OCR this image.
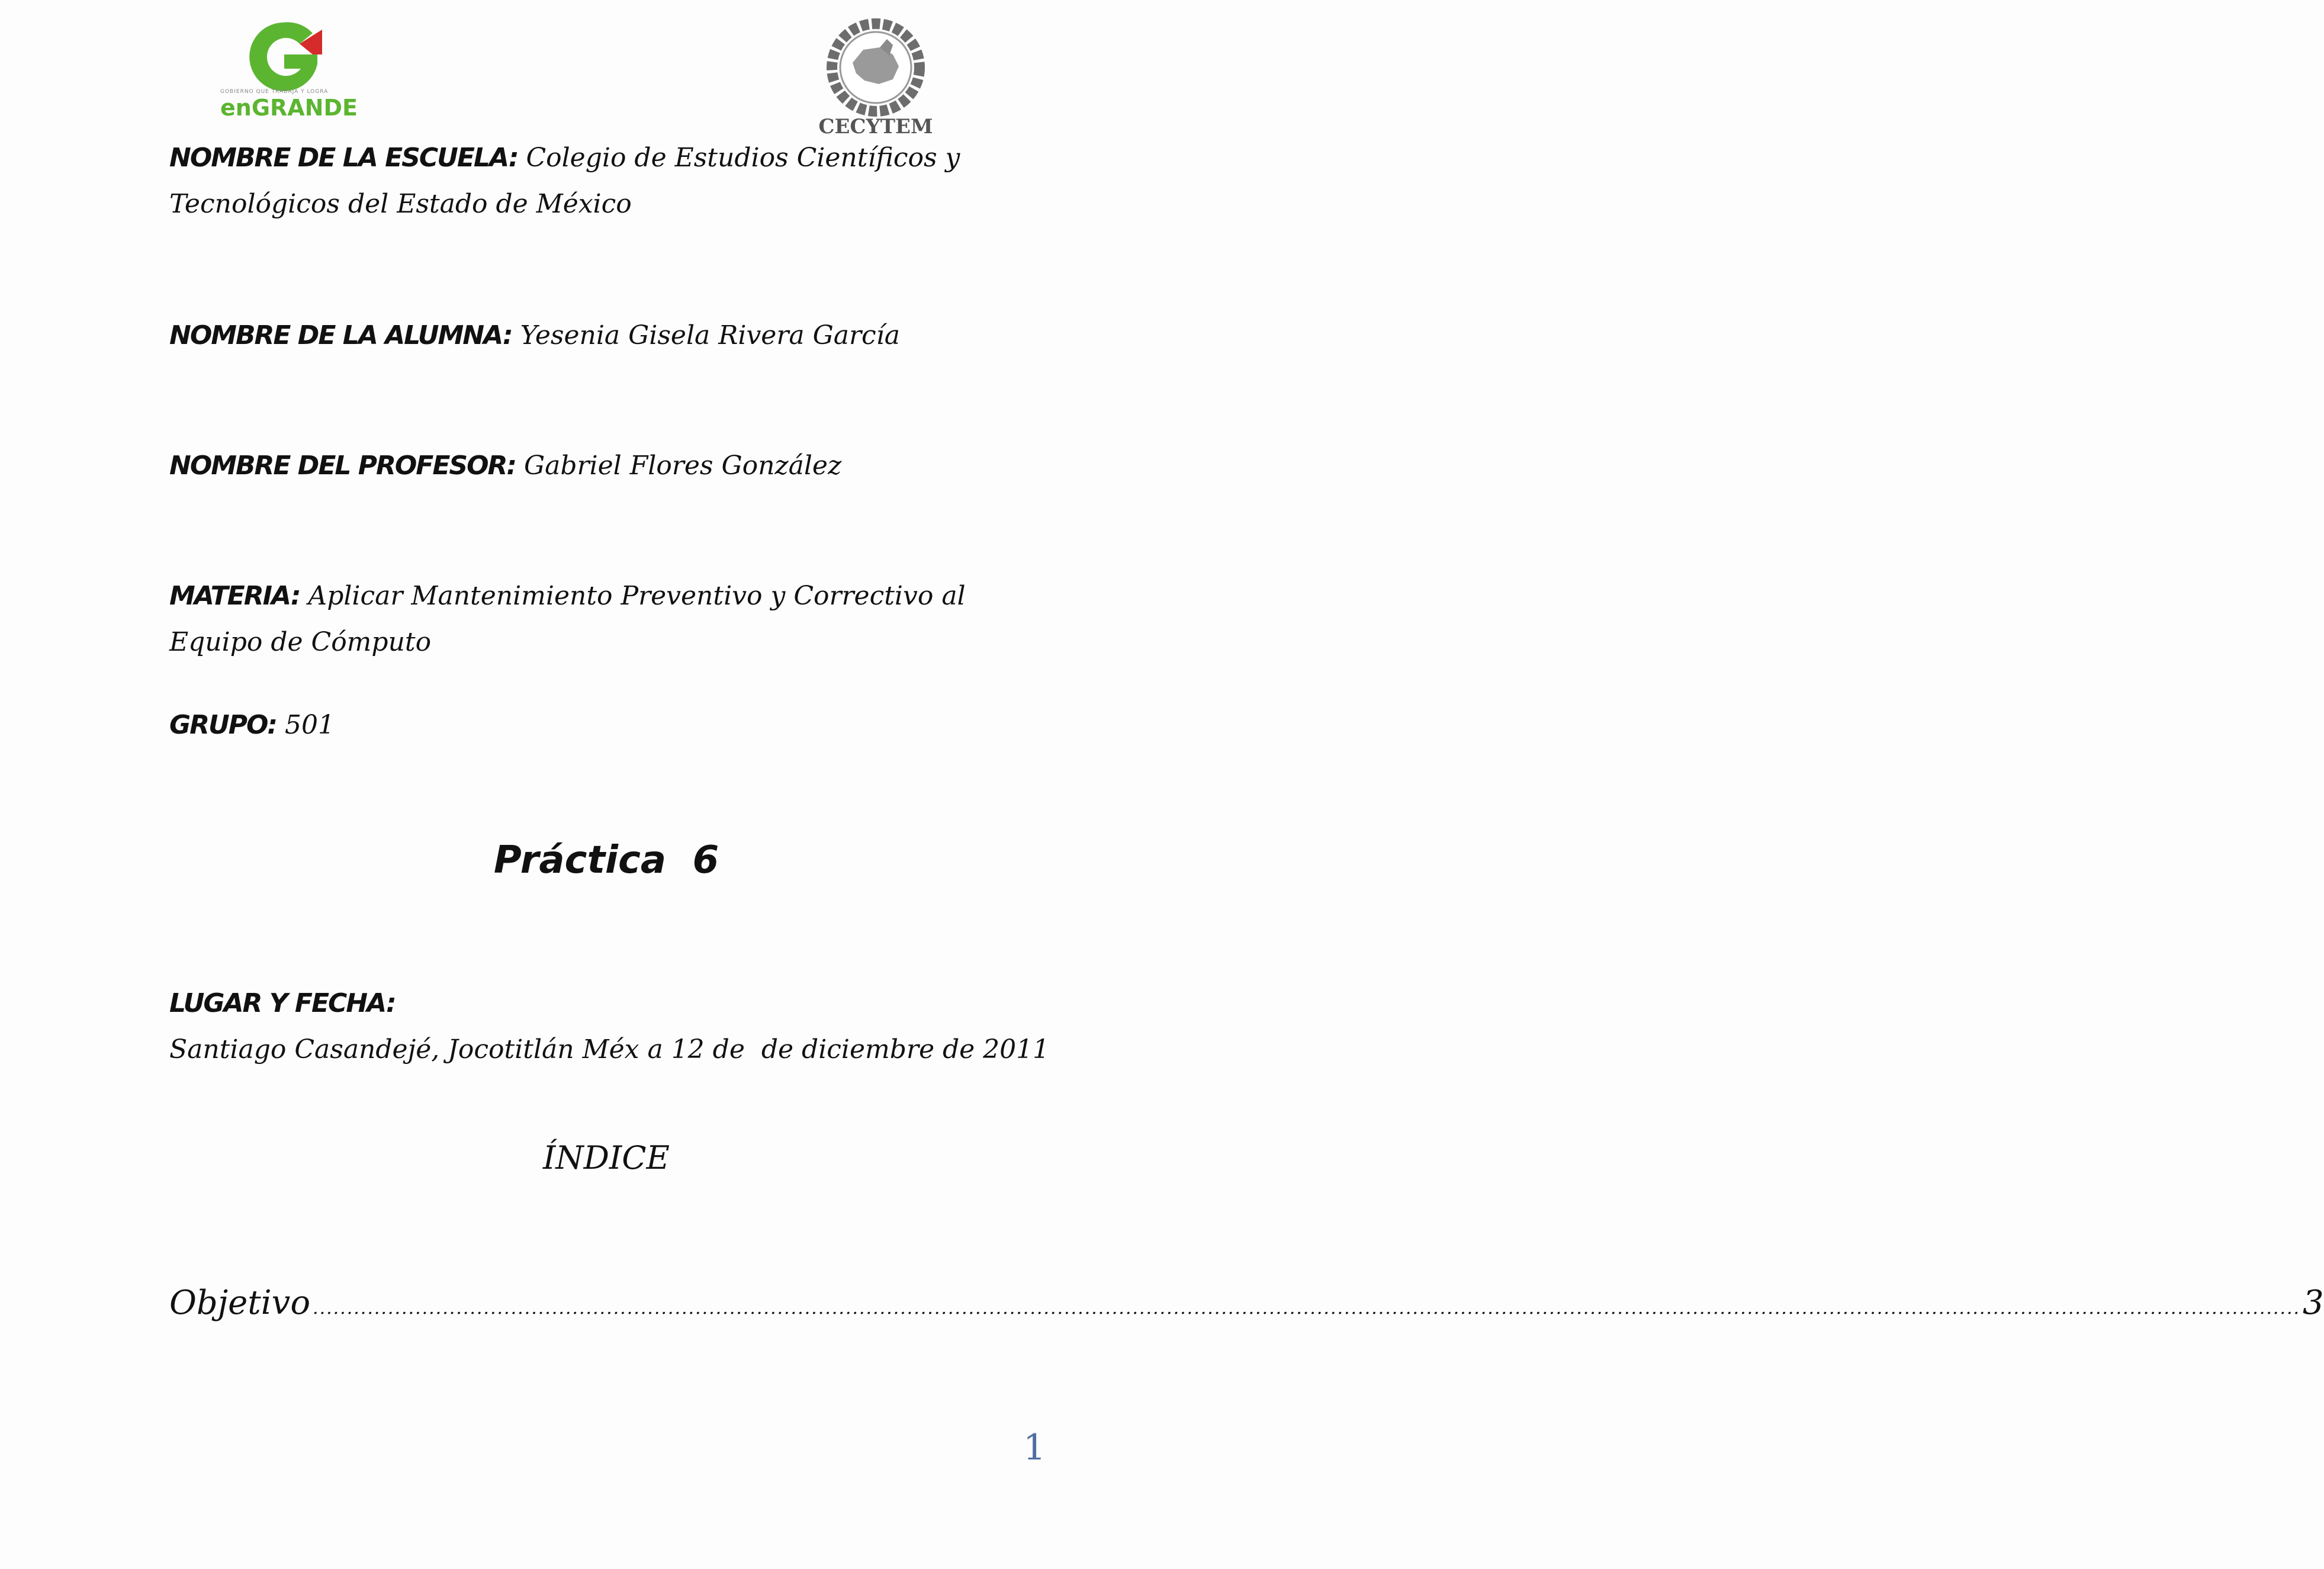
GOBIERNO QUE TRABAJA Y LOGRA
enGRANDE
CECYTEM
NOMBRE DE LA ESCUELA: Colegio de Estudios Científicos y Tecnológicos del Estado de México
NOMBRE DE LA ALUMNA: Yesenia Gisela Rivera García
NOMBRE DEL PROFESOR: Gabriel Flores González
MATERIA: Aplicar Mantenimiento Preventivo y Correctivo al Equipo de Cómputo
GRUPO: 501
Práctica  6
LUGAR Y FECHA: Santiago Casandejé, Jocotitlán Méx a 12 de  de diciembre de 2011
ÍNDICE
Objetivo ................................................................................................................................................................................................................................................................................................... 3
1
